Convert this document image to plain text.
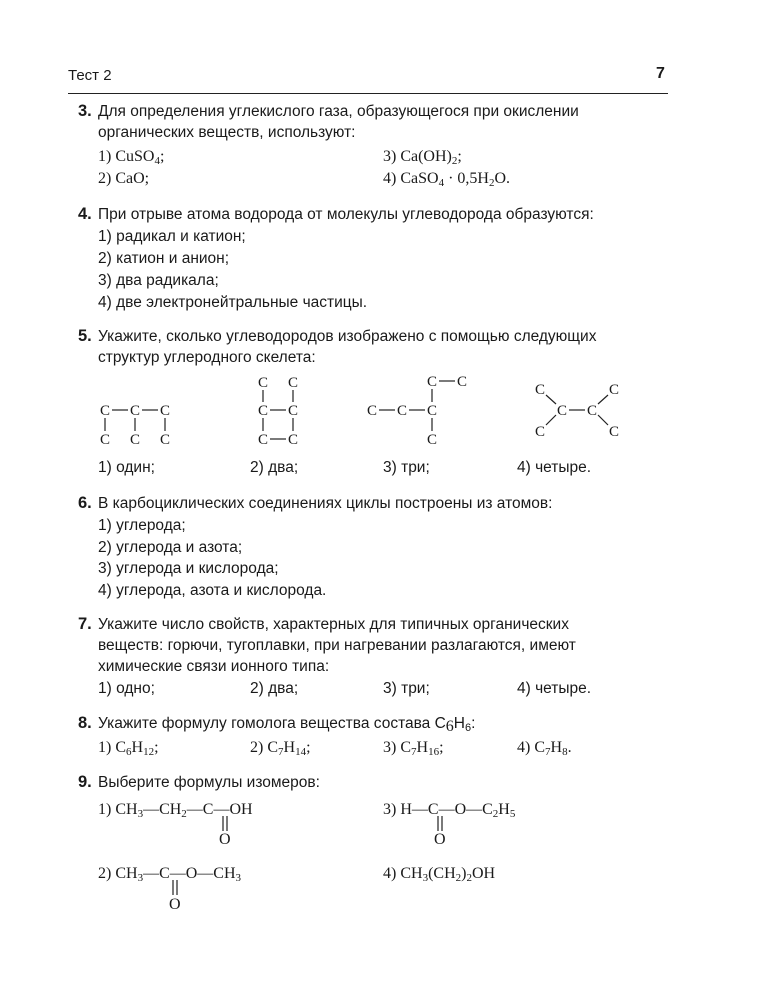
Тест 2	7
3. Для определения углекислого газа, образующегося при окислении
органических веществ, используют:
1) CuSO$_4$;
2) CaO;
3) $Ca(OH)_2$;
4) CaSO$_4$ · $0,5H_2O$.
4. При отрыве атома водорода от молекулы углеводорода образуются:
1) радикал и катион;
2) катион и анион;
3) два радикала;
4) две электронейтральные частицы.
5. Укажите, сколько углеводородов изображено с помощью следующих
структур углеродного скелета:
C C C
C C C
C C
C C
C C
C C
C C C
C
C	C
C C
C	C
1) один;	2) два;	3) три;	4) четыре.
6. В карбоциклических соединениях циклы построены из атомов:
1) углерода;
2) углерода и азота;
3) углерода и кислорода;
4) углерода, азота и кислорода.
7. Укажите число свойств, характерных для типичных органических
веществ: горючи, тугоплавки, при нагревании разлагаются, имеют
химические связи ионного типа:
1) одно;	2) два;	3) три;	4) четыре.
8. Укажите формулу гомолога вещества состава $C_6H_6$:
1) $C_6H_{12}$;	2) $C_7H_{14}$;	3) $C_7H_{16}$;	4) $C_7H_8$.
9. Выберите формулы изомеров:
1) $CH_3—CH_2—C—OH$
O
3) $H—C—O—C_2H_5$
O
2) $CH_3—C—O—CH_3$
O
4) $CH_3(CH_2)_2OH$
